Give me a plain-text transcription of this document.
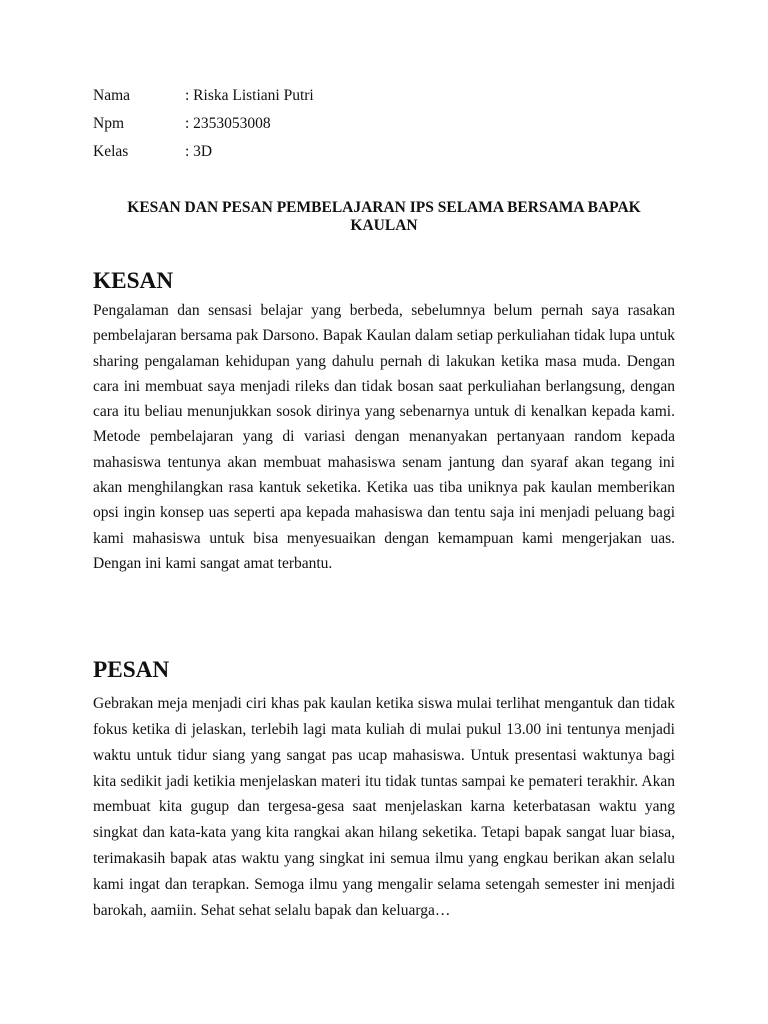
Nama	: Riska Listiani Putri
Npm	: 2353053008
Kelas	: 3D
KESAN DAN PESAN PEMBELAJARAN IPS SELAMA BERSAMA BAPAK KAULAN
KESAN

Pengalaman dan sensasi belajar yang berbeda, sebelumnya belum pernah saya rasakan pembelajaran bersama pak Darsono. Bapak Kaulan dalam setiap perkuliahan tidak lupa untuk sharing pengalaman kehidupan yang dahulu pernah di lakukan ketika masa muda. Dengan cara ini membuat saya menjadi rileks dan tidak bosan saat perkuliahan berlangsung, dengan cara itu beliau menunjukkan sosok dirinya yang sebenarnya untuk di kenalkan kepada kami. Metode pembelajaran yang di variasi dengan menanyakan pertanyaan random kepada mahasiswa tentunya akan membuat mahasiswa senam jantung dan syaraf akan tegang ini akan menghilangkan rasa kantuk seketika. Ketika uas tiba uniknya pak kaulan memberikan opsi ingin konsep uas seperti apa kepada mahasiswa dan tentu saja ini menjadi peluang bagi kami mahasiswa untuk bisa menyesuaikan dengan kemampuan kami mengerjakan uas. Dengan ini kami sangat amat terbantu.

PESAN

Gebrakan meja menjadi ciri khas pak kaulan ketika siswa mulai terlihat mengantuk dan tidak fokus ketika di jelaskan, terlebih lagi mata kuliah di mulai pukul 13.00 ini tentunya menjadi waktu untuk tidur siang yang sangat pas ucap mahasiswa. Untuk presentasi waktunya bagi kita sedikit jadi ketikia menjelaskan materi itu tidak tuntas sampai ke pemateri terakhir. Akan membuat kita gugup dan tergesa-gesa saat menjelaskan karna keterbatasan waktu yang singkat dan kata-kata yang kita rangkai akan hilang seketika. Tetapi bapak sangat luar biasa, terimakasih bapak atas waktu yang singkat ini semua ilmu yang engkau berikan akan selalu kami ingat dan terapkan. Semoga ilmu yang mengalir selama setengah semester ini menjadi barokah, aamiin. Sehat sehat selalu bapak dan keluarga…
